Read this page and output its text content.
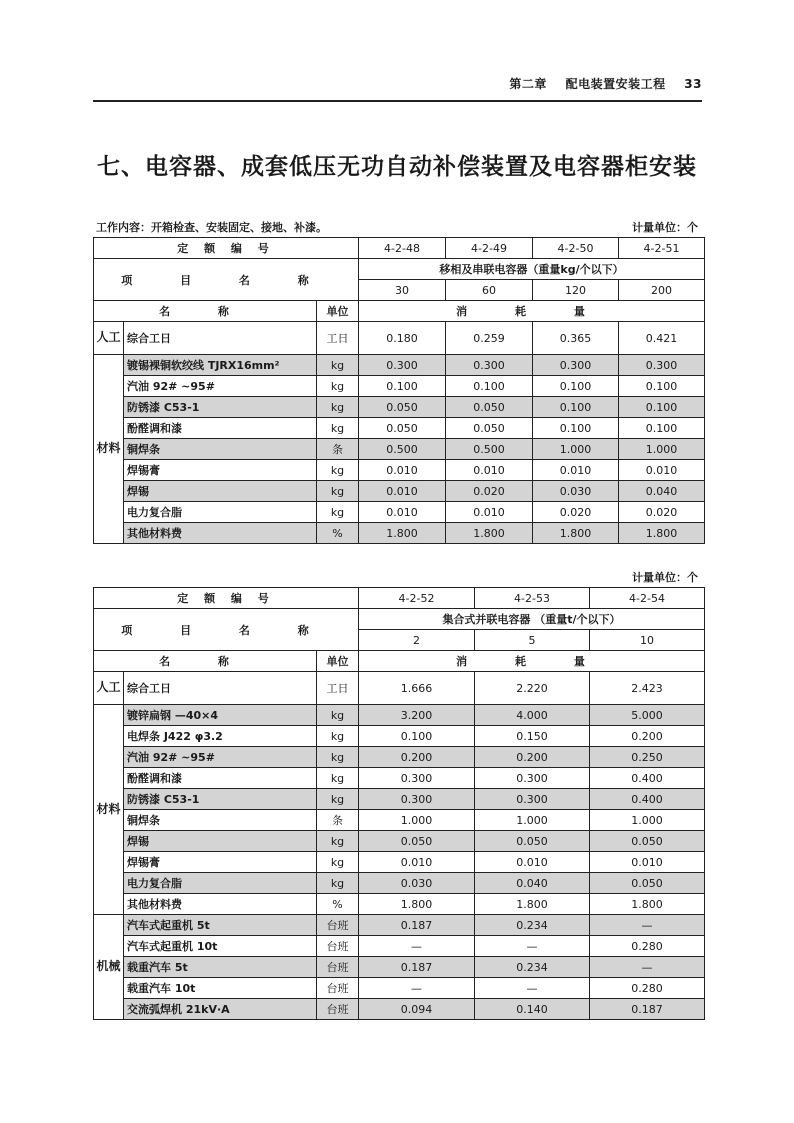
第二章 配电装置安装工程 33
七、电容器、成套低压无功自动补偿装置及电容器柜安装
工作内容：开箱检查、安装固定、接地、补漆。	计量单位：个
定 额 编 号			4-2-48	4-2-49	4-2-50	4-2-51
项 目 名 称			移相及串联电容器（重量kg/个以下）			
			30	60	120	200
名 称		单位	消 耗 量			
人工	综合工日	工日	0.180	0.259	0.365	0.421
材料	镀锡裸铜软绞线 TJRX16mm²	kg	0.300	0.300	0.300	0.300
	汽油 92# ~95#	kg	0.100	0.100	0.100	0.100
	防锈漆 C53-1	kg	0.050	0.050	0.100	0.100
	酚醛调和漆	kg	0.050	0.050	0.100	0.100
	铜焊条	条	0.500	0.500	1.000	1.000
	焊锡膏	kg	0.010	0.010	0.010	0.010
	焊锡	kg	0.010	0.020	0.030	0.040
	电力复合脂	kg	0.010	0.010	0.020	0.020
	其他材料费	%	1.800	1.800	1.800	1.800
计量单位：个
定 额 编 号			4-2-52	4-2-53	4-2-54
项 目 名 称			集合式并联电容器 （重量t/个以下）		
			2	5	10
名 称		单位	消 耗 量		
人工	综合工日	工日	1.666	2.220	2.423
材料	镀锌扁钢 —40×4	kg	3.200	4.000	5.000
	电焊条 J422 φ3.2	kg	0.100	0.150	0.200
	汽油 92# ~95#	kg	0.200	0.200	0.250
	酚醛调和漆	kg	0.300	0.300	0.400
	防锈漆 C53-1	kg	0.300	0.300	0.400
	铜焊条	条	1.000	1.000	1.000
	焊锡	kg	0.050	0.050	0.050
	焊锡膏	kg	0.010	0.010	0.010
	电力复合脂	kg	0.030	0.040	0.050
	其他材料费	%	1.800	1.800	1.800
机械	汽车式起重机 5t	台班	0.187	0.234	—
	汽车式起重机 10t	台班	—	—	0.280
	载重汽车 5t	台班	0.187	0.234	—
	载重汽车 10t	台班	—	—	0.280
	交流弧焊机 21kV·A	台班	0.094	0.140	0.187
